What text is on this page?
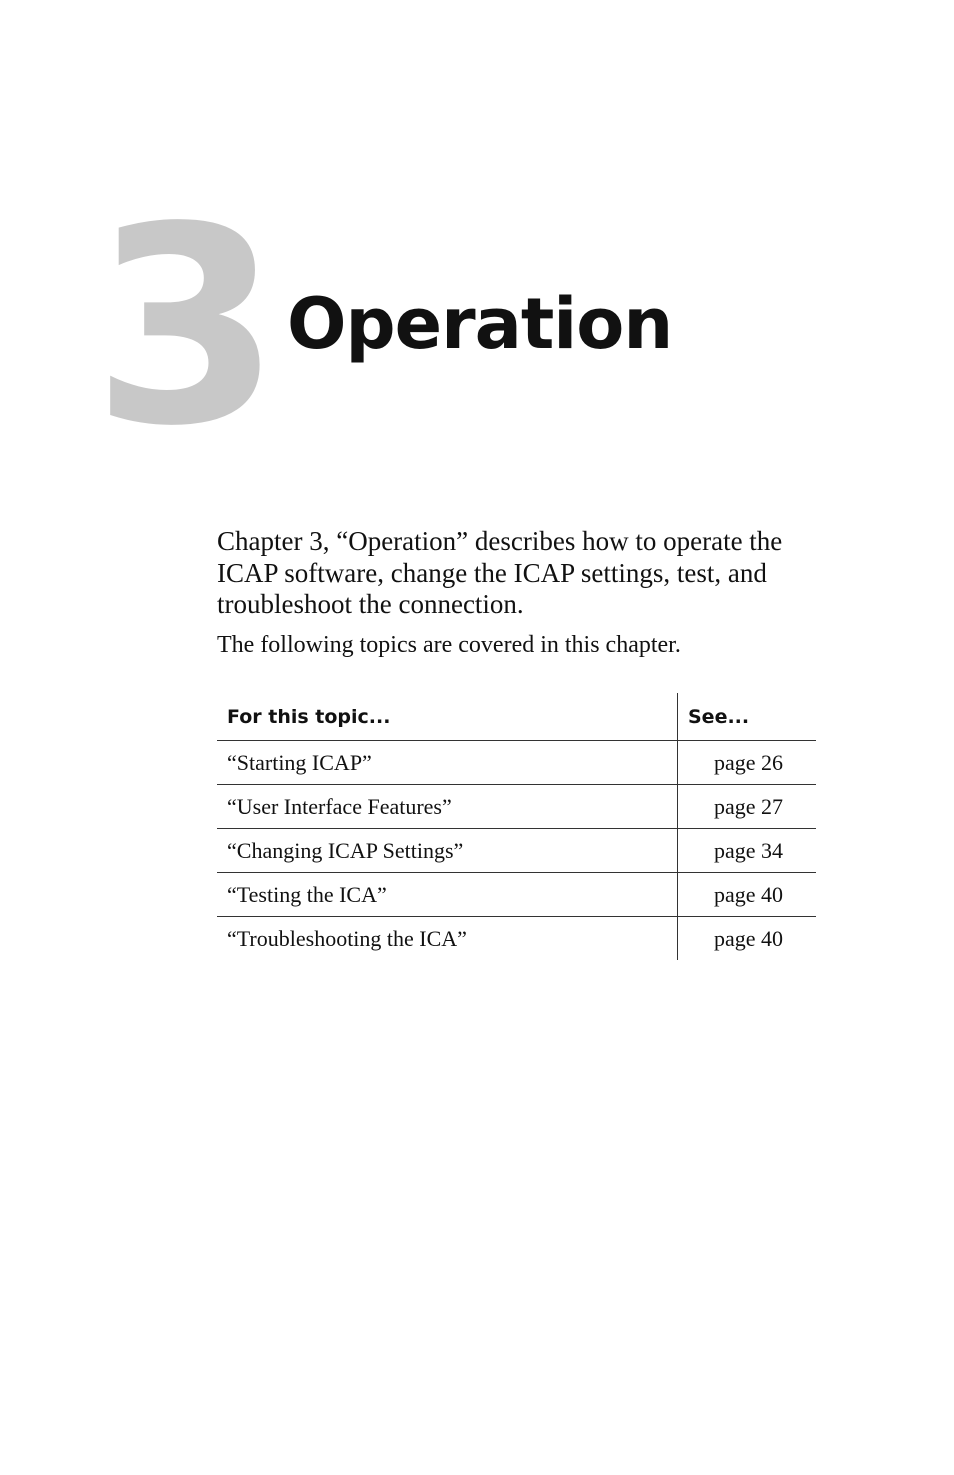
3 Operation

Chapter 3, “Operation” describes how to operate the ICAP software, change the ICAP settings, test, and troubleshoot the connection.

The following topics are covered in this chapter.

For this topic...	See...
“Starting ICAP”	page 26
“User Interface Features”	page 27
“Changing ICAP Settings”	page 34
“Testing the ICA”	page 40
“Troubleshooting the ICA”	page 40
